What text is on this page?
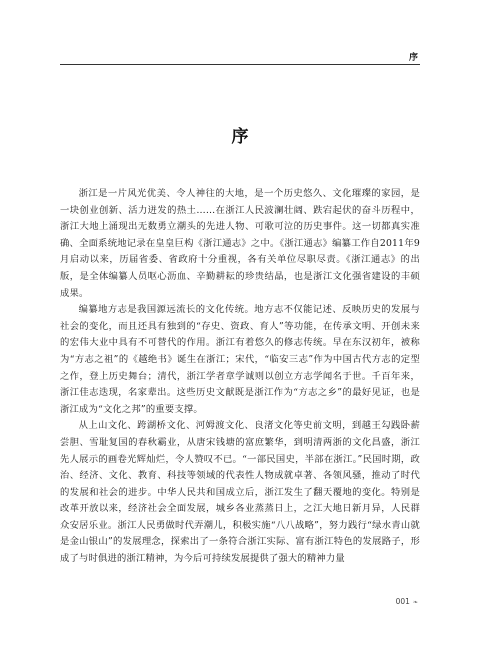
序
序

浙江是一片风光优美、令人神往的大地，是一个历史悠久、文化璀璨的家园，是一块创业创新、活力迸发的热土……在浙江人民波澜壮阔、跌宕起伏的奋斗历程中，浙江大地上涌现出无数勇立潮头的先进人物、可歌可泣的历史事件。这一切都真实准确、全面系统地记录在皇皇巨构《浙江通志》之中。《浙江通志》编纂工作自2011年9月启动以来，历届省委、省政府十分重视，各有关单位尽职尽责。《浙江通志》的出版，是全体编纂人员呕心沥血、辛勤耕耘的珍贵结晶，也是浙江文化强省建设的丰硕成果。

编纂地方志是我国源远流长的文化传统。地方志不仅能记述、反映历史的发展与社会的变化，而且还具有独到的“存史、资政、育人”等功能，在传承文明、开创未来的宏伟大业中具有不可替代的作用。浙江有着悠久的修志传统。早在东汉初年，被称为“方志之祖”的《越绝书》诞生在浙江；宋代，“临安三志”作为中国古代方志的定型之作，登上历史舞台；清代，浙江学者章学诚则以创立方志学闻名于世。千百年来，浙江佳志迭现，名家辈出。这些历史文献既是浙江作为“方志之乡”的最好见证，也是浙江成为“文化之邦”的重要支撑。

从上山文化、跨湖桥文化、河姆渡文化、良渚文化等史前文明，到越王勾践卧薪尝胆、雪耻复国的春秋霸业，从唐宋钱塘的富庶繁华，到明清两浙的文化昌盛，浙江先人展示的画卷光辉灿烂，令人赞叹不已。“一部民国史，半部在浙江。”民国时期，政治、经济、文化、教育、科技等领域的代表性人物成就卓著、各领风骚，推动了时代的发展和社会的进步。中华人民共和国成立后，浙江发生了翻天覆地的变化。特别是改革开放以来，经济社会全面发展，城乡各业蒸蒸日上，之江大地日新月异，人民群众安居乐业。浙江人民勇做时代弄潮儿，积极实施“八八战略”，努力践行“绿水青山就是金山银山”的发展理念，探索出了一条符合浙江实际、富有浙江特色的发展路子，形成了与时俱进的浙江精神，为今后可持续发展提供了强大的精神力量

001 ❧
